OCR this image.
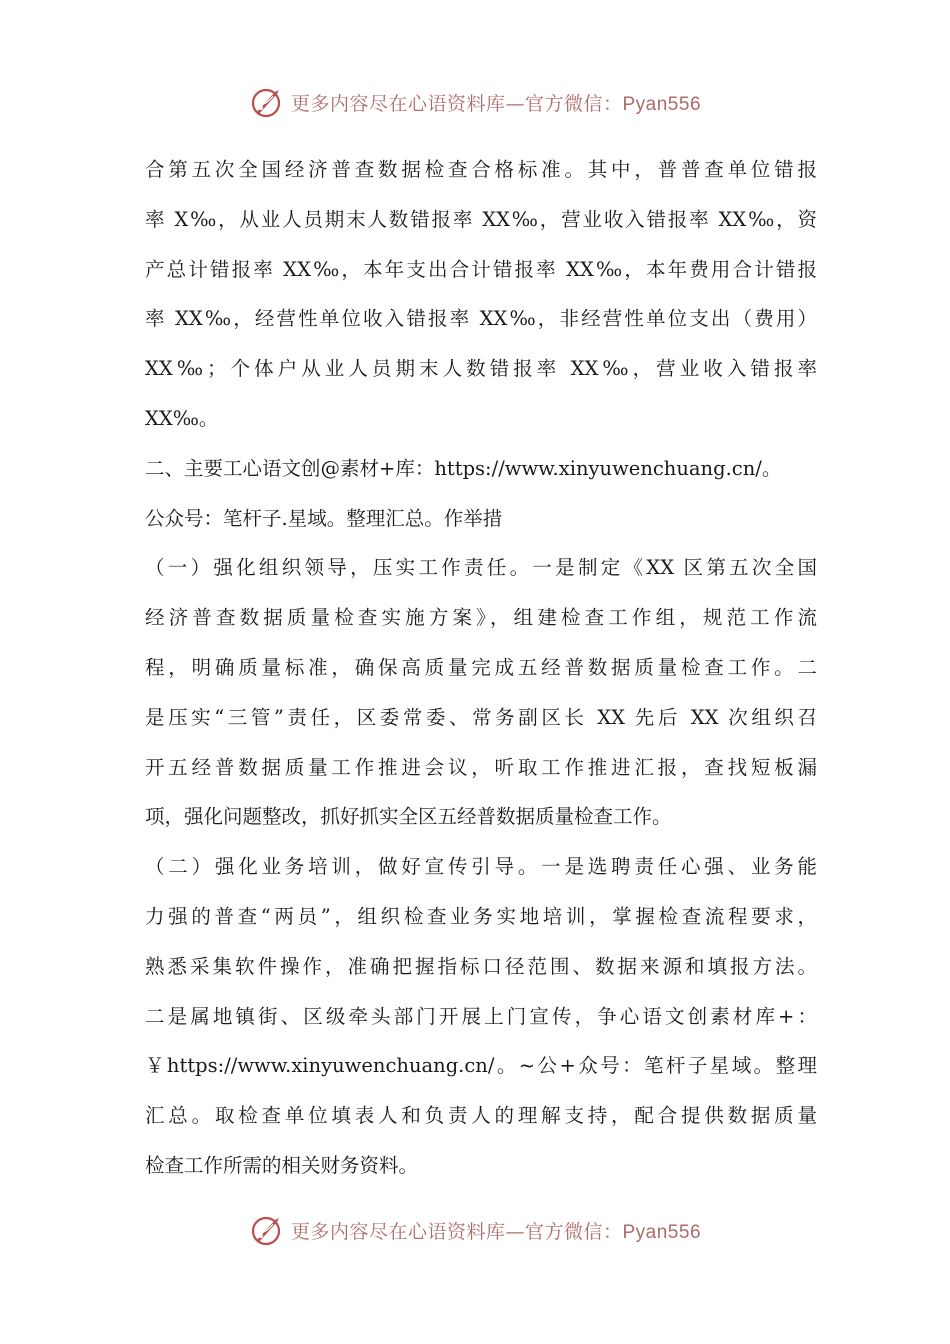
更多内容尽在心语资料库—官方微信：Pyan556
合第五次全国经济普查数据检查合格标准。其中，普普查单位错报
率 X‰，从业人员期末人数错报率 XX‰，营业收入错报率 XX‰，资
产总计错报率 XX‰，本年支出合计错报率 XX‰，本年费用合计错报
率 XX‰，经营性单位收入错报率 XX‰，非经营性单位支出（费用）
XX‰；个体户从业人员期末人数错报率 XX‰，营业收入错报率
XX‰。
二、主要工心语文创@素材+库：https://www.xinyuwenchuang.cn/。
公众号：笔杆子.星域。整理汇总。作举措
（一）强化组织领导，压实工作责任。一是制定《XX 区第五次全国
经济普查数据质量检查实施方案》，组建检查工作组，规范工作流
程，明确质量标准，确保高质量完成五经普数据质量检查工作。二
是压实“三管”责任，区委常委、常务副区长 XX 先后 XX 次组织召
开五经普数据质量工作推进会议，听取工作推进汇报，查找短板漏
项，强化问题整改，抓好抓实全区五经普数据质量检查工作。
（二）强化业务培训，做好宣传引导。一是选聘责任心强、业务能
力强的普查“两员”，组织检查业务实地培训，掌握检查流程要求，
熟悉采集软件操作，准确把握指标口径范围、数据来源和填报方法。
二是属地镇街、区级牵头部门开展上门宣传，争心语文创素材库+：
￥https://www.xinyuwenchuang.cn/。~公+众号：笔杆子星域。整理
汇总。取检查单位填表人和负责人的理解支持，配合提供数据质量
检查工作所需的相关财务资料。
更多内容尽在心语资料库—官方微信：Pyan556
